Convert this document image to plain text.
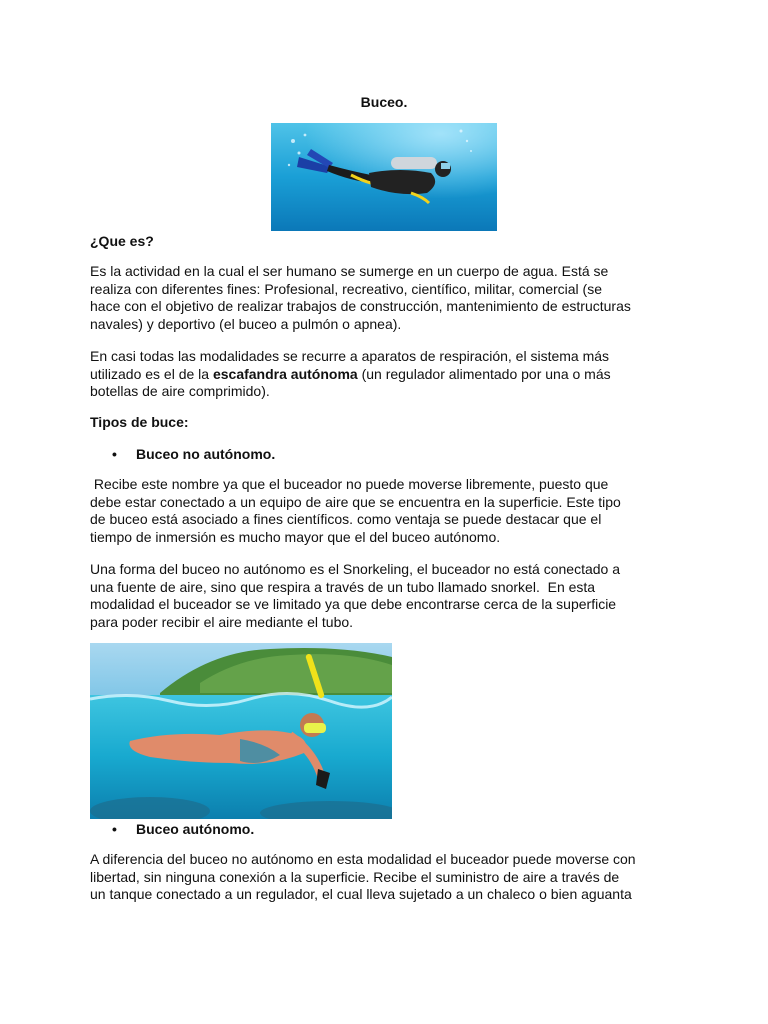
Buceo.
¿Que es?
Es la actividad en la cual el ser humano se sumerge en un cuerpo de agua. Está se
realiza con diferentes fines: Profesional, recreativo, científico, militar, comercial (se
hace con el objetivo de realizar trabajos de construcción, mantenimiento de estructuras
navales) y deportivo (el buceo a pulmón o apnea).
En casi todas las modalidades se recurre a aparatos de respiración, el sistema más
utilizado es el de la escafandra autónoma (un regulador alimentado por una o más
botellas de aire comprimido).
Tipos de buce:
• Buceo no autónomo.
Recibe este nombre ya que el buceador no puede moverse libremente, puesto que
debe estar conectado a un equipo de aire que se encuentra en la superficie. Este tipo
de buceo está asociado a fines científicos. como ventaja se puede destacar que el
tiempo de inmersión es mucho mayor que el del buceo autónomo.
Una forma del buceo no autónomo es el Snorkeling, el buceador no está conectado a
una fuente de aire, sino que respira a través de un tubo llamado snorkel.  En esta
modalidad el buceador se ve limitado ya que debe encontrarse cerca de la superficie
para poder recibir el aire mediante el tubo.
• Buceo autónomo.
A diferencia del buceo no autónomo en esta modalidad el buceador puede moverse con
libertad, sin ninguna conexión a la superficie. Recibe el suministro de aire a través de
un tanque conectado a un regulador, el cual lleva sujetado a un chaleco o bien aguanta
